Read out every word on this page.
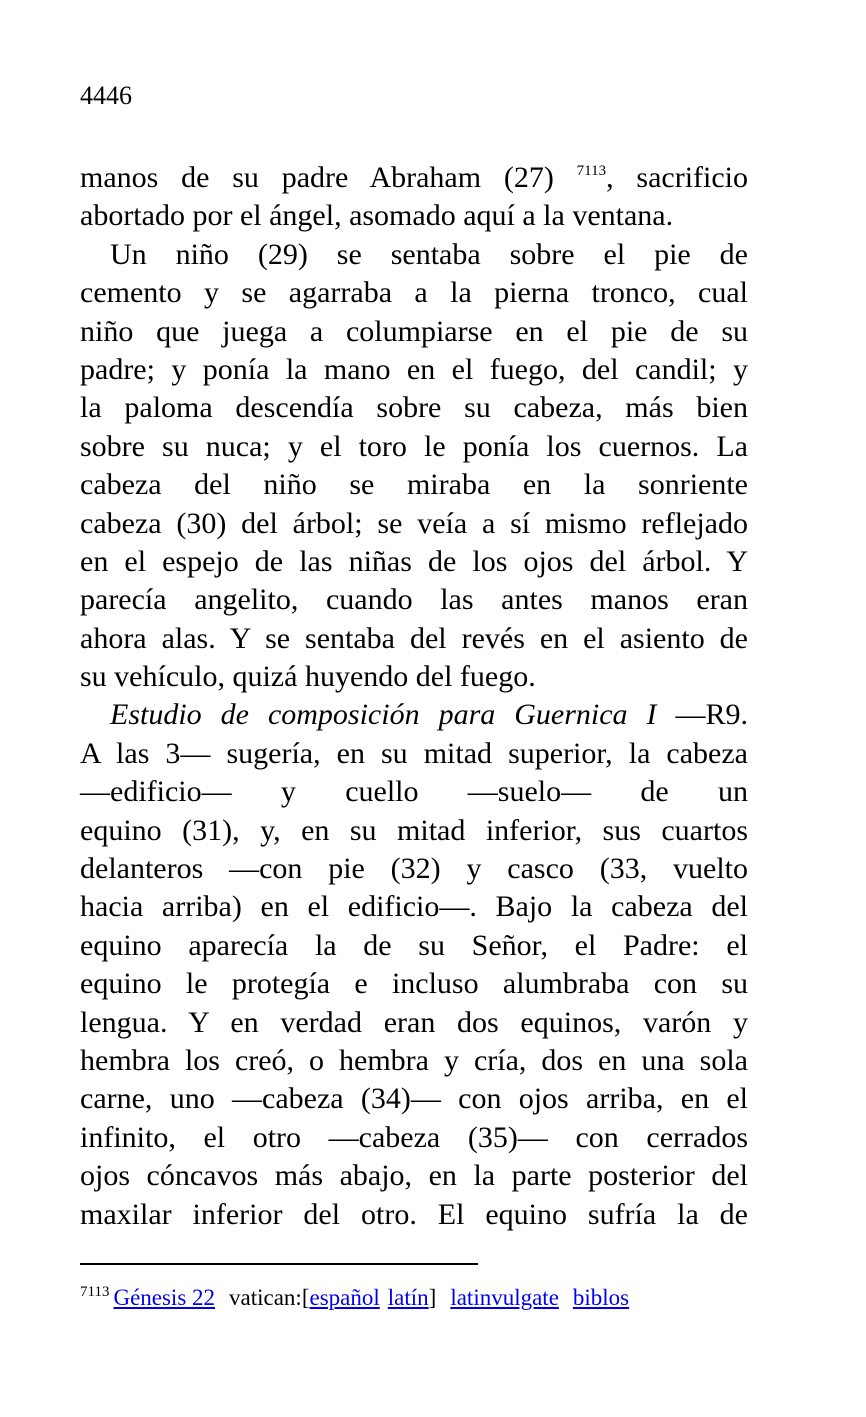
4446
manos de su padre Abraham (27) $^{7113}$, sacrificio
abortado por el ángel, asomado aquí a la ventana.
Un niño (29) se sentaba sobre el pie de
cemento y se agarraba a la pierna tronco, cual
niño que juega a columpiarse en el pie de su
padre; y ponía la mano en el fuego, del candil; y
la paloma descendía sobre su cabeza, más bien
sobre su nuca; y el toro le ponía los cuernos. La
cabeza del niño se miraba en la sonriente
cabeza (30) del árbol; se veía a sí mismo reflejado
en el espejo de las niñas de los ojos del árbol. Y
parecía angelito, cuando las antes manos eran
ahora alas. Y se sentaba del revés en el asiento de
su vehículo, quizá huyendo del fuego.
Estudio de composición para Guernica I —R9.
A las 3— sugería, en su mitad superior, la cabeza
—edificio— y cuello —suelo— de un
equino (31), y, en su mitad inferior, sus cuartos
delanteros —con pie (32) y casco (33, vuelto
hacia arriba) en el edificio—. Bajo la cabeza del
equino aparecía la de su Señor, el Padre: el
equino le protegía e incluso alumbraba con su
lengua. Y en verdad eran dos equinos, varón y
hembra los creó, o hembra y cría, dos en una sola
carne, uno —cabeza (34)— con ojos arriba, en el
infinito, el otro —cabeza (35)— con cerrados
ojos cóncavos más abajo, en la parte posterior del
maxilar inferior del otro. El equino sufría la de
$^{7113}$ Génesis 22 vatican:[español latín] latinvulgate biblos
